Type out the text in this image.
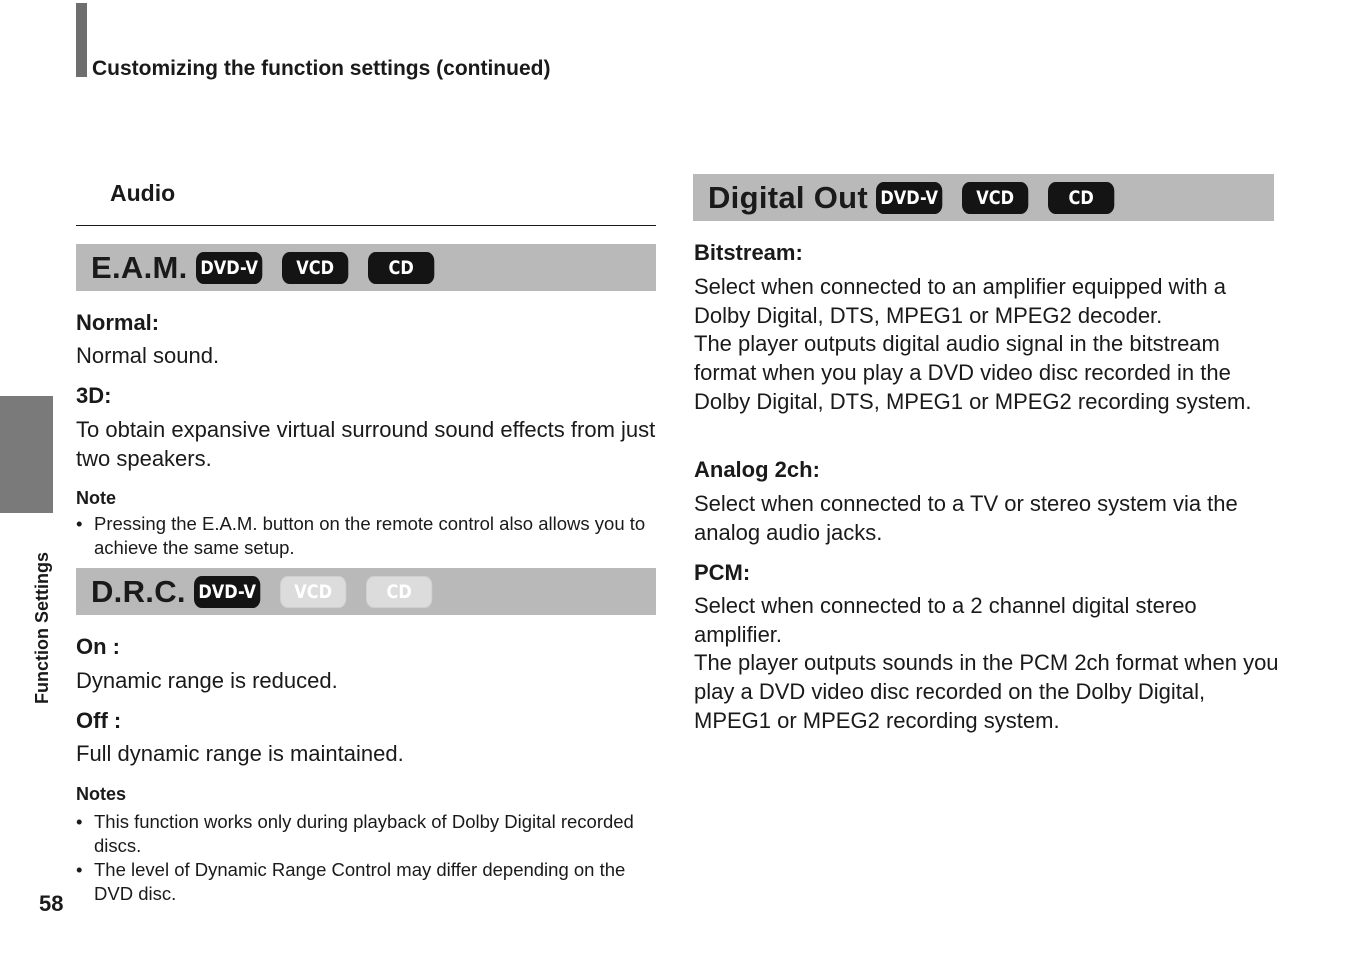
Customizing the function settings (continued)
Function Settings
58
Audio
E.A.M. DVD-V	VCD	CD
Normal:
Normal sound.
3D:
To obtain expansive virtual surround sound effects from just two speakers.
Note
• Pressing the E.A.M. button on the remote control also allows you to achieve the same setup.
D.R.C. DVD-V	VCD	CD
On :
Dynamic range is reduced.
Off :
Full dynamic range is maintained.
Notes
• This function works only during playback of Dolby Digital recorded discs.
• The level of Dynamic Range Control may differ depending on the DVD disc.
Digital Out DVD-V	VCD	CD
Bitstream:
Select when connected to an amplifier equipped with a Dolby Digital, DTS, MPEG1 or MPEG2 decoder.
The player outputs digital audio signal in the bitstream format when you play a DVD video disc recorded in the Dolby Digital, DTS, MPEG1 or MPEG2 recording system.
Analog 2ch:
Select when connected to a TV or stereo system via the analog audio jacks.
PCM:
Select when connected to a 2 channel digital stereo amplifier.
The player outputs sounds in the PCM 2ch format when you play a DVD video disc recorded on the Dolby Digital, MPEG1 or MPEG2 recording system.
